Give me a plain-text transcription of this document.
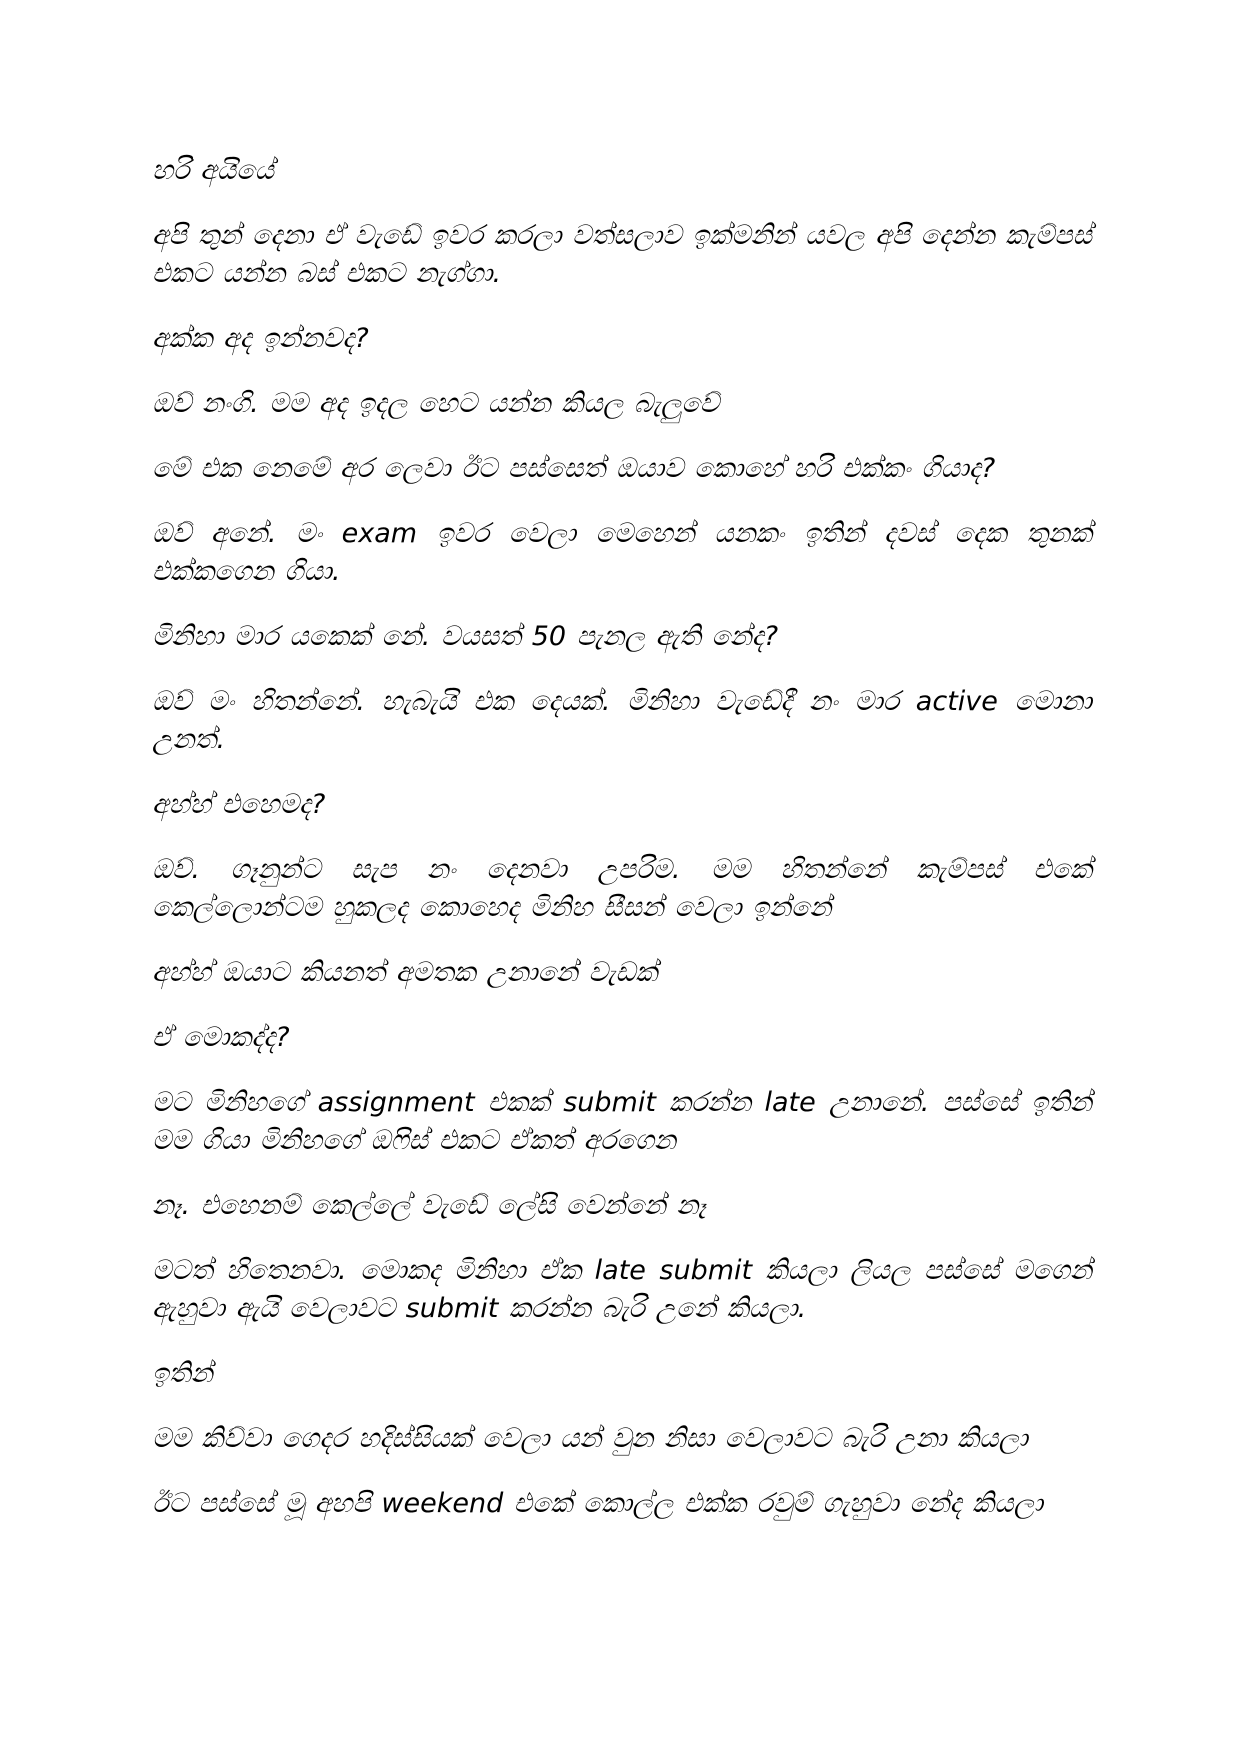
හරි අයියේ

අපි තුන් දෙනා ඒ වැඩේ ඉවර කරලා වත්සලාව ඉක්මනින් යවල අපි දෙන්න කැම්පස් එකට යන්න බස් එකට නැග්ගා.

අක්ක අද ඉන්නවද?

ඔව් නංගි. මම අද ඉදල හෙට යන්න කියල බැලුවේ

මේ එක නෙමේ අර ලෙවා ඊට පස්සෙත් ඔයාව කොහේ හරි එක්කං ගියාද?

ඔව් අනේ. මං exam ඉවර වෙලා මෙහෙන් යනකං ඉතින් දවස් දෙක තුනක් එක්කගෙන ගියා.

මිනිහා මාර යකෙක් නේ. වයසත් 50 පැනල ඇති නේද?

ඔව් මං හිතන්නේ. හැබැයි එක දෙයක්. මිනිහා වැඩේදී නං මාර active මොනා උනත්.

අහ්හ් එහෙමද?

ඔව්. ගෑනුන්ට සැප නං දෙනවා උපරිම. මම හිතන්නේ කැම්පස් එකේ කෙල්ලොන්ටම හුකලද කොහෙද මිනිහ සීසන් වෙලා ඉන්නේ

අහ්හ් ඔයාට කියනත් අමතක උනානේ වැඩක්

ඒ මොකද්ද?

මට මිනිහගේ assignment එකක් submit කරන්න late උනානේ. පස්සේ ඉතින් මම ගියා මිනිහගේ ඔෆිස් එකට ඒකත් අරගෙන

නෑ. එහෙනම් කෙල්ලේ වැඩේ ලේසි වෙන්නේ නෑ

මටත් හිතෙනවා. මොකද මිනිහා ඒක late submit කියලා ලියල පස්සේ මගෙන් ඇහුවා ඇයි වෙලාවට submit කරන්න බැරි උනේ කියලා.

ඉතින්

මම කිව්වා ගෙදර හදිස්සියක් වෙලා යන් වුන නිසා වෙලාවට බැරි උනා කියලා

ඊට පස්සේ මූ අහපි weekend එකේ කොල්ල එක්ක රවුම් ගැහුවා නේද කියලා
